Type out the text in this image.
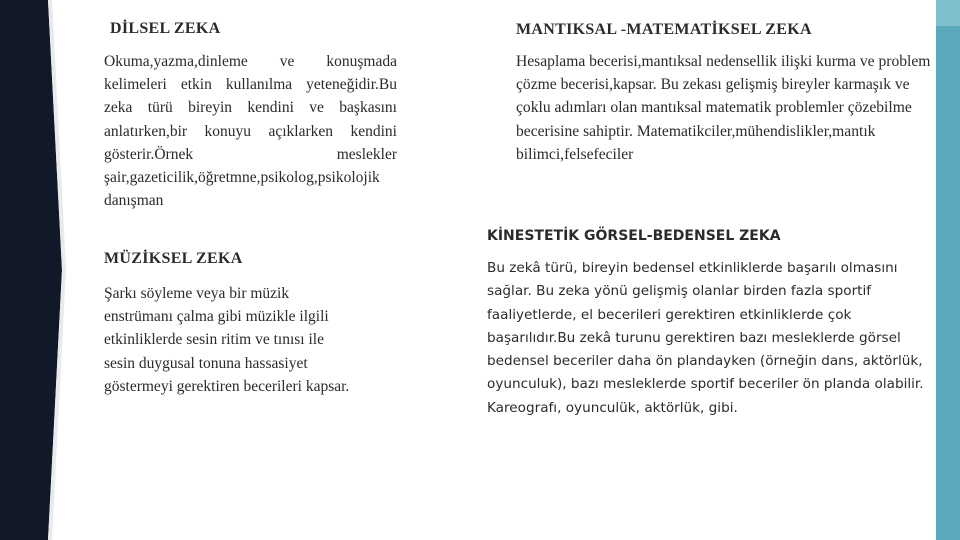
DİLSEL ZEKA

Okuma,yazma,dinleme ve konuşmada kelimeleri etkin kullanılma yeteneğidir.Bu zeka türü bireyin kendini ve başkasını anlatırken,bir konuyu açıklarken kendini gösterir.Örnek meslekler şair,gazeticilik,öğretmne,psikolog,psikolojik danışman

MÜZİKSEL ZEKA

Şarkı söyleme veya bir müzik enstrümanı çalma gibi müzikle ilgili etkinliklerde sesin ritim ve tınısı ile sesin duygusal tonuna hassasiyet göstermeyi gerektiren becerileri kapsar.

MANTIKSAL -MATEMATİKSEL ZEKA

Hesaplama becerisi,mantıksal nedensellik ilişki kurma ve problem çözme becerisi,kapsar. Bu zekası gelişmiş bireyler karmaşık ve çoklu adımları olan mantıksal matematik problemler çözebilme becerisine sahiptir. Matematikciler,mühendislikler,mantık bilimci,felsefeciler

KİNESTETİK GÖRSEL-BEDENSEL ZEKA

Bu zekâ türü, bireyin bedensel etkinliklerde başarılı olmasını sağlar. Bu zeka yönü gelişmiş olanlar birden fazla sportif faaliyetlerde, el becerileri gerektiren etkinliklerde çok başarılıdır.Bu zekâ turunu gerektiren bazı mesleklerde görsel bedensel beceriler daha ön plandayken (örneğin dans, aktörlük, oyunculuk), bazı mesleklerde sportif beceriler ön planda olabilir. Kareografı, oyunculük, aktörlük, gibi.
